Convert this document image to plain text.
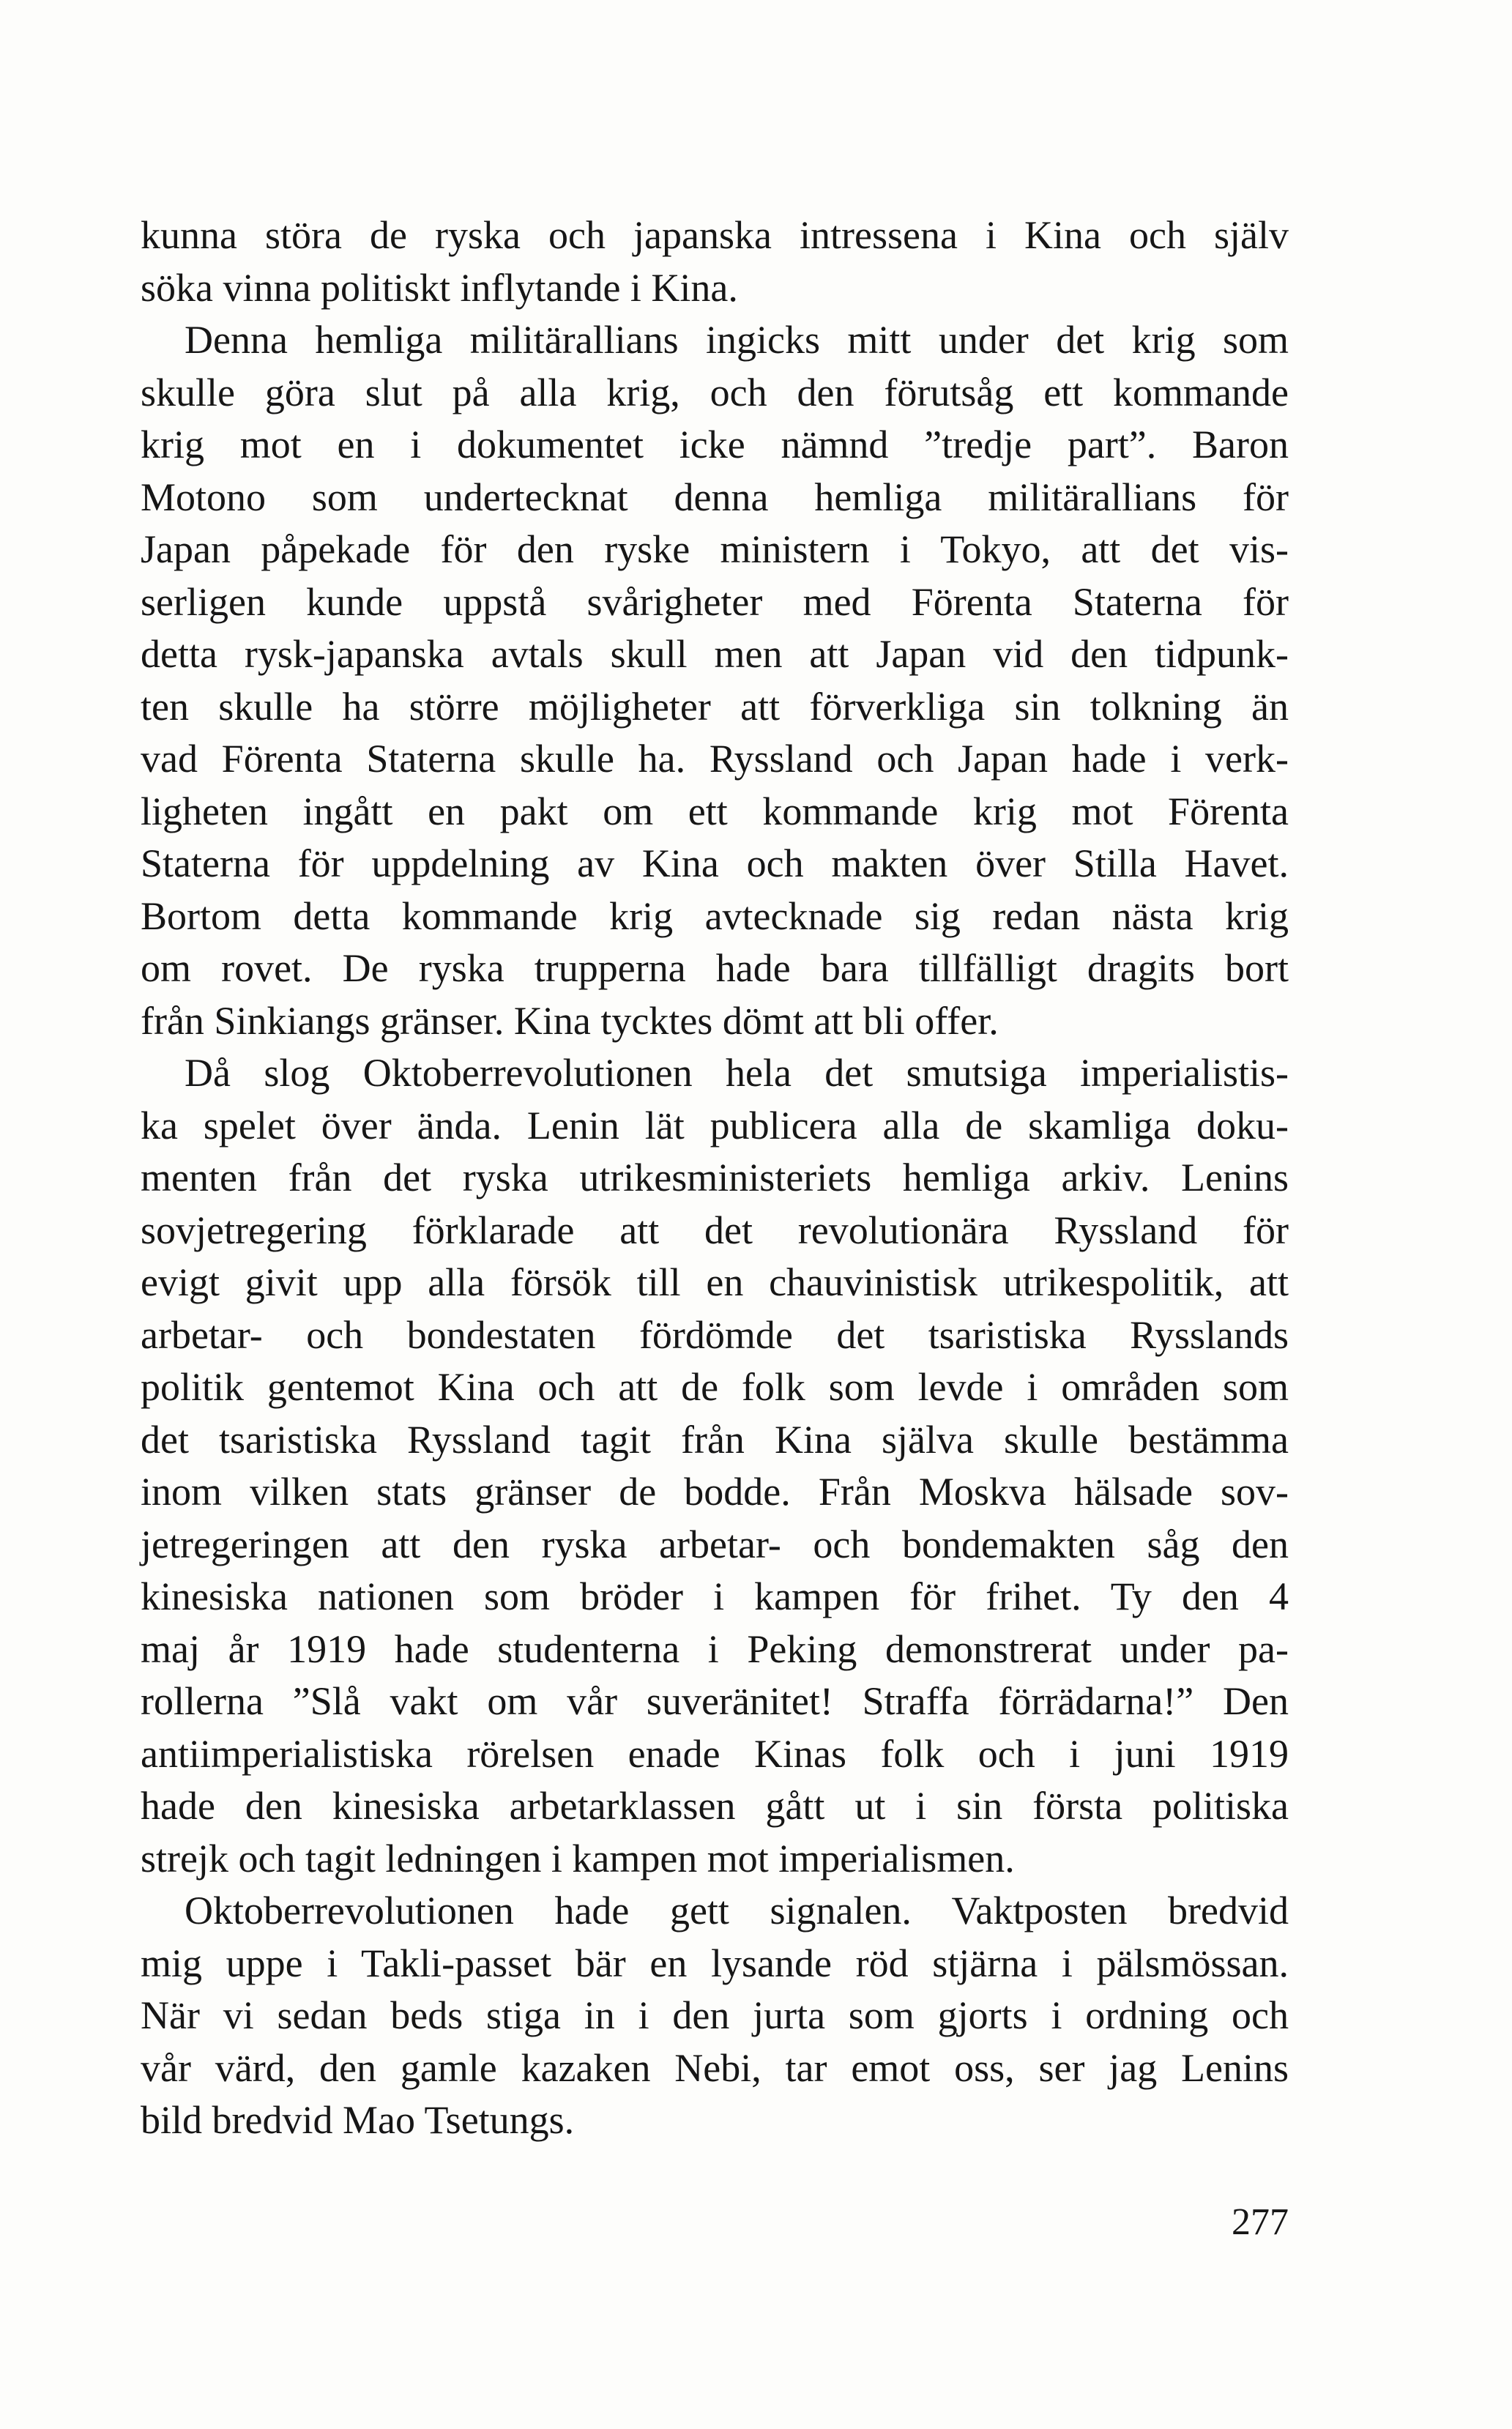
kunna störa de ryska och japanska intressena i Kina och själv
söka vinna politiskt inflytande i Kina.

Denna hemliga militärallians ingicks mitt under det krig som
skulle göra slut på alla krig, och den förutsåg ett kommande
krig mot en i dokumentet icke nämnd ”tredje part”. Baron
Motono som undertecknat denna hemliga militärallians för
Japan påpekade för den ryske ministern i Tokyo, att det vis-
serligen kunde uppstå svårigheter med Förenta Staterna för
detta rysk-japanska avtals skull men att Japan vid den tidpunk-
ten skulle ha större möjligheter att förverkliga sin tolkning än
vad Förenta Staterna skulle ha. Ryssland och Japan hade i verk-
ligheten ingått en pakt om ett kommande krig mot Förenta
Staterna för uppdelning av Kina och makten över Stilla Havet.
Bortom detta kommande krig avtecknade sig redan nästa krig
om rovet. De ryska trupperna hade bara tillfälligt dragits bort
från Sinkiangs gränser. Kina tycktes dömt att bli offer.

Då slog Oktoberrevolutionen hela det smutsiga imperialistis-
ka spelet över ända. Lenin lät publicera alla de skamliga doku-
menten från det ryska utrikesministeriets hemliga arkiv. Lenins
sovjetregering förklarade att det revolutionära Ryssland för
evigt givit upp alla försök till en chauvinistisk utrikespolitik, att
arbetar- och bondestaten fördömde det tsaristiska Rysslands
politik gentemot Kina och att de folk som levde i områden som
det tsaristiska Ryssland tagit från Kina själva skulle bestämma
inom vilken stats gränser de bodde. Från Moskva hälsade sov-
jetregeringen att den ryska arbetar- och bondemakten såg den
kinesiska nationen som bröder i kampen för frihet. Ty den 4
maj år 1919 hade studenterna i Peking demonstrerat under pa-
rollerna ”Slå vakt om vår suveränitet! Straffa förrädarna!” Den
antiimperialistiska rörelsen enade Kinas folk och i juni 1919
hade den kinesiska arbetarklassen gått ut i sin första politiska
strejk och tagit ledningen i kampen mot imperialismen.

Oktoberrevolutionen hade gett signalen. Vaktposten bredvid
mig uppe i Takli-passet bär en lysande röd stjärna i pälsmössan.
När vi sedan beds stiga in i den jurta som gjorts i ordning och
vår värd, den gamle kazaken Nebi, tar emot oss, ser jag Lenins
bild bredvid Mao Tsetungs.

277
